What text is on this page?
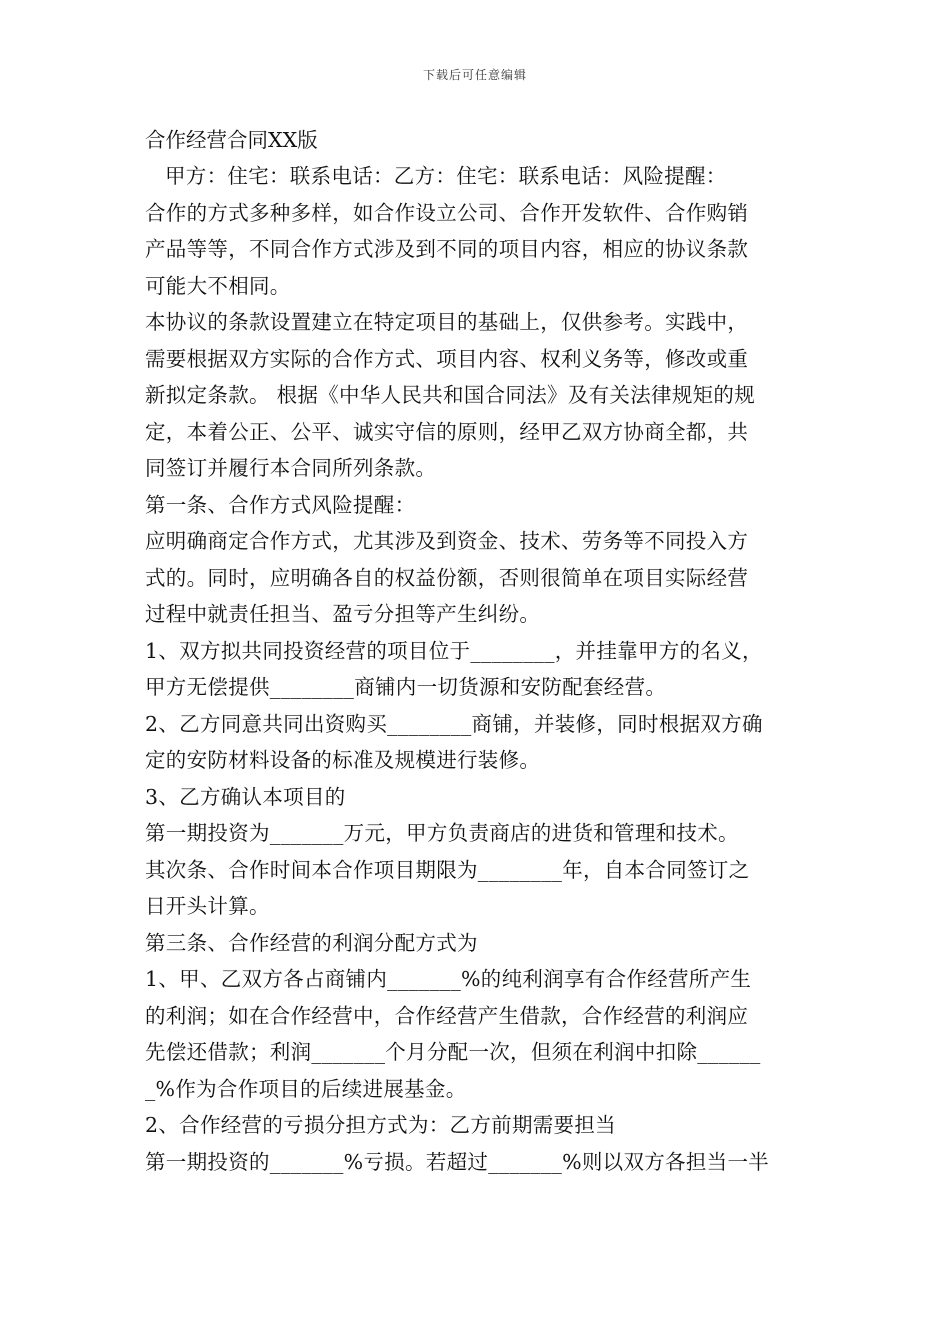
下载后可任意编辑
合作经营合同XX版
甲方：住宅：联系电话：乙方：住宅：联系电话：风险提醒：
合作的方式多种多样，如合作设立公司、合作开发软件、合作购销
产品等等，不同合作方式涉及到不同的项目内容，相应的协议条款
可能大不相同。
本协议的条款设置建立在特定项目的基础上，仅供参考。实践中，
需要根据双方实际的合作方式、项目内容、权利义务等，修改或重
新拟定条款。 根据《中华人民共和国合同法》及有关法律规矩的规
定，本着公正、公平、诚实守信的原则，经甲乙双方协商全都，共
同签订并履行本合同所列条款。
第一条、合作方式风险提醒：
应明确商定合作方式，尤其涉及到资金、技术、劳务等不同投入方
式的。同时，应明确各自的权益份额，否则很简单在项目实际经营
过程中就责任担当、盈亏分担等产生纠纷。
1、双方拟共同投资经营的项目位于________，并挂靠甲方的名义，
甲方无偿提供________商铺内一切货源和安防配套经营。
2、乙方同意共同出资购买________商铺，并装修，同时根据双方确
定的安防材料设备的标准及规模进行装修。
3、乙方确认本项目的
第一期投资为_______万元，甲方负责商店的进货和管理和技术。
其次条、合作时间本合作项目期限为________年，自本合同签订之
日开头计算。
第三条、合作经营的利润分配方式为
1、甲、乙双方各占商铺内_______%的纯利润享有合作经营所产生
的利润；如在合作经营中，合作经营产生借款，合作经营的利润应
先偿还借款；利润_______个月分配一次，但须在利润中扣除______
_%作为合作项目的后续进展基金。
2、合作经营的亏损分担方式为：乙方前期需要担当
第一期投资的_______%亏损。若超过_______%则以双方各担当一半
